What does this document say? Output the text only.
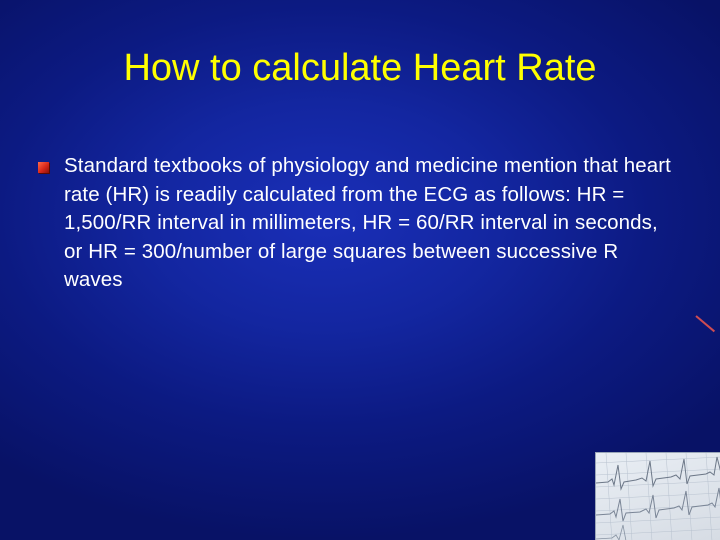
How to calculate Heart Rate
Standard textbooks of physiology and medicine mention that heart rate (HR) is readily calculated from the ECG as follows: HR = 1,500/RR interval in millimeters, HR = 60/RR interval in seconds, or HR = 300/number of large squares between successive R waves
